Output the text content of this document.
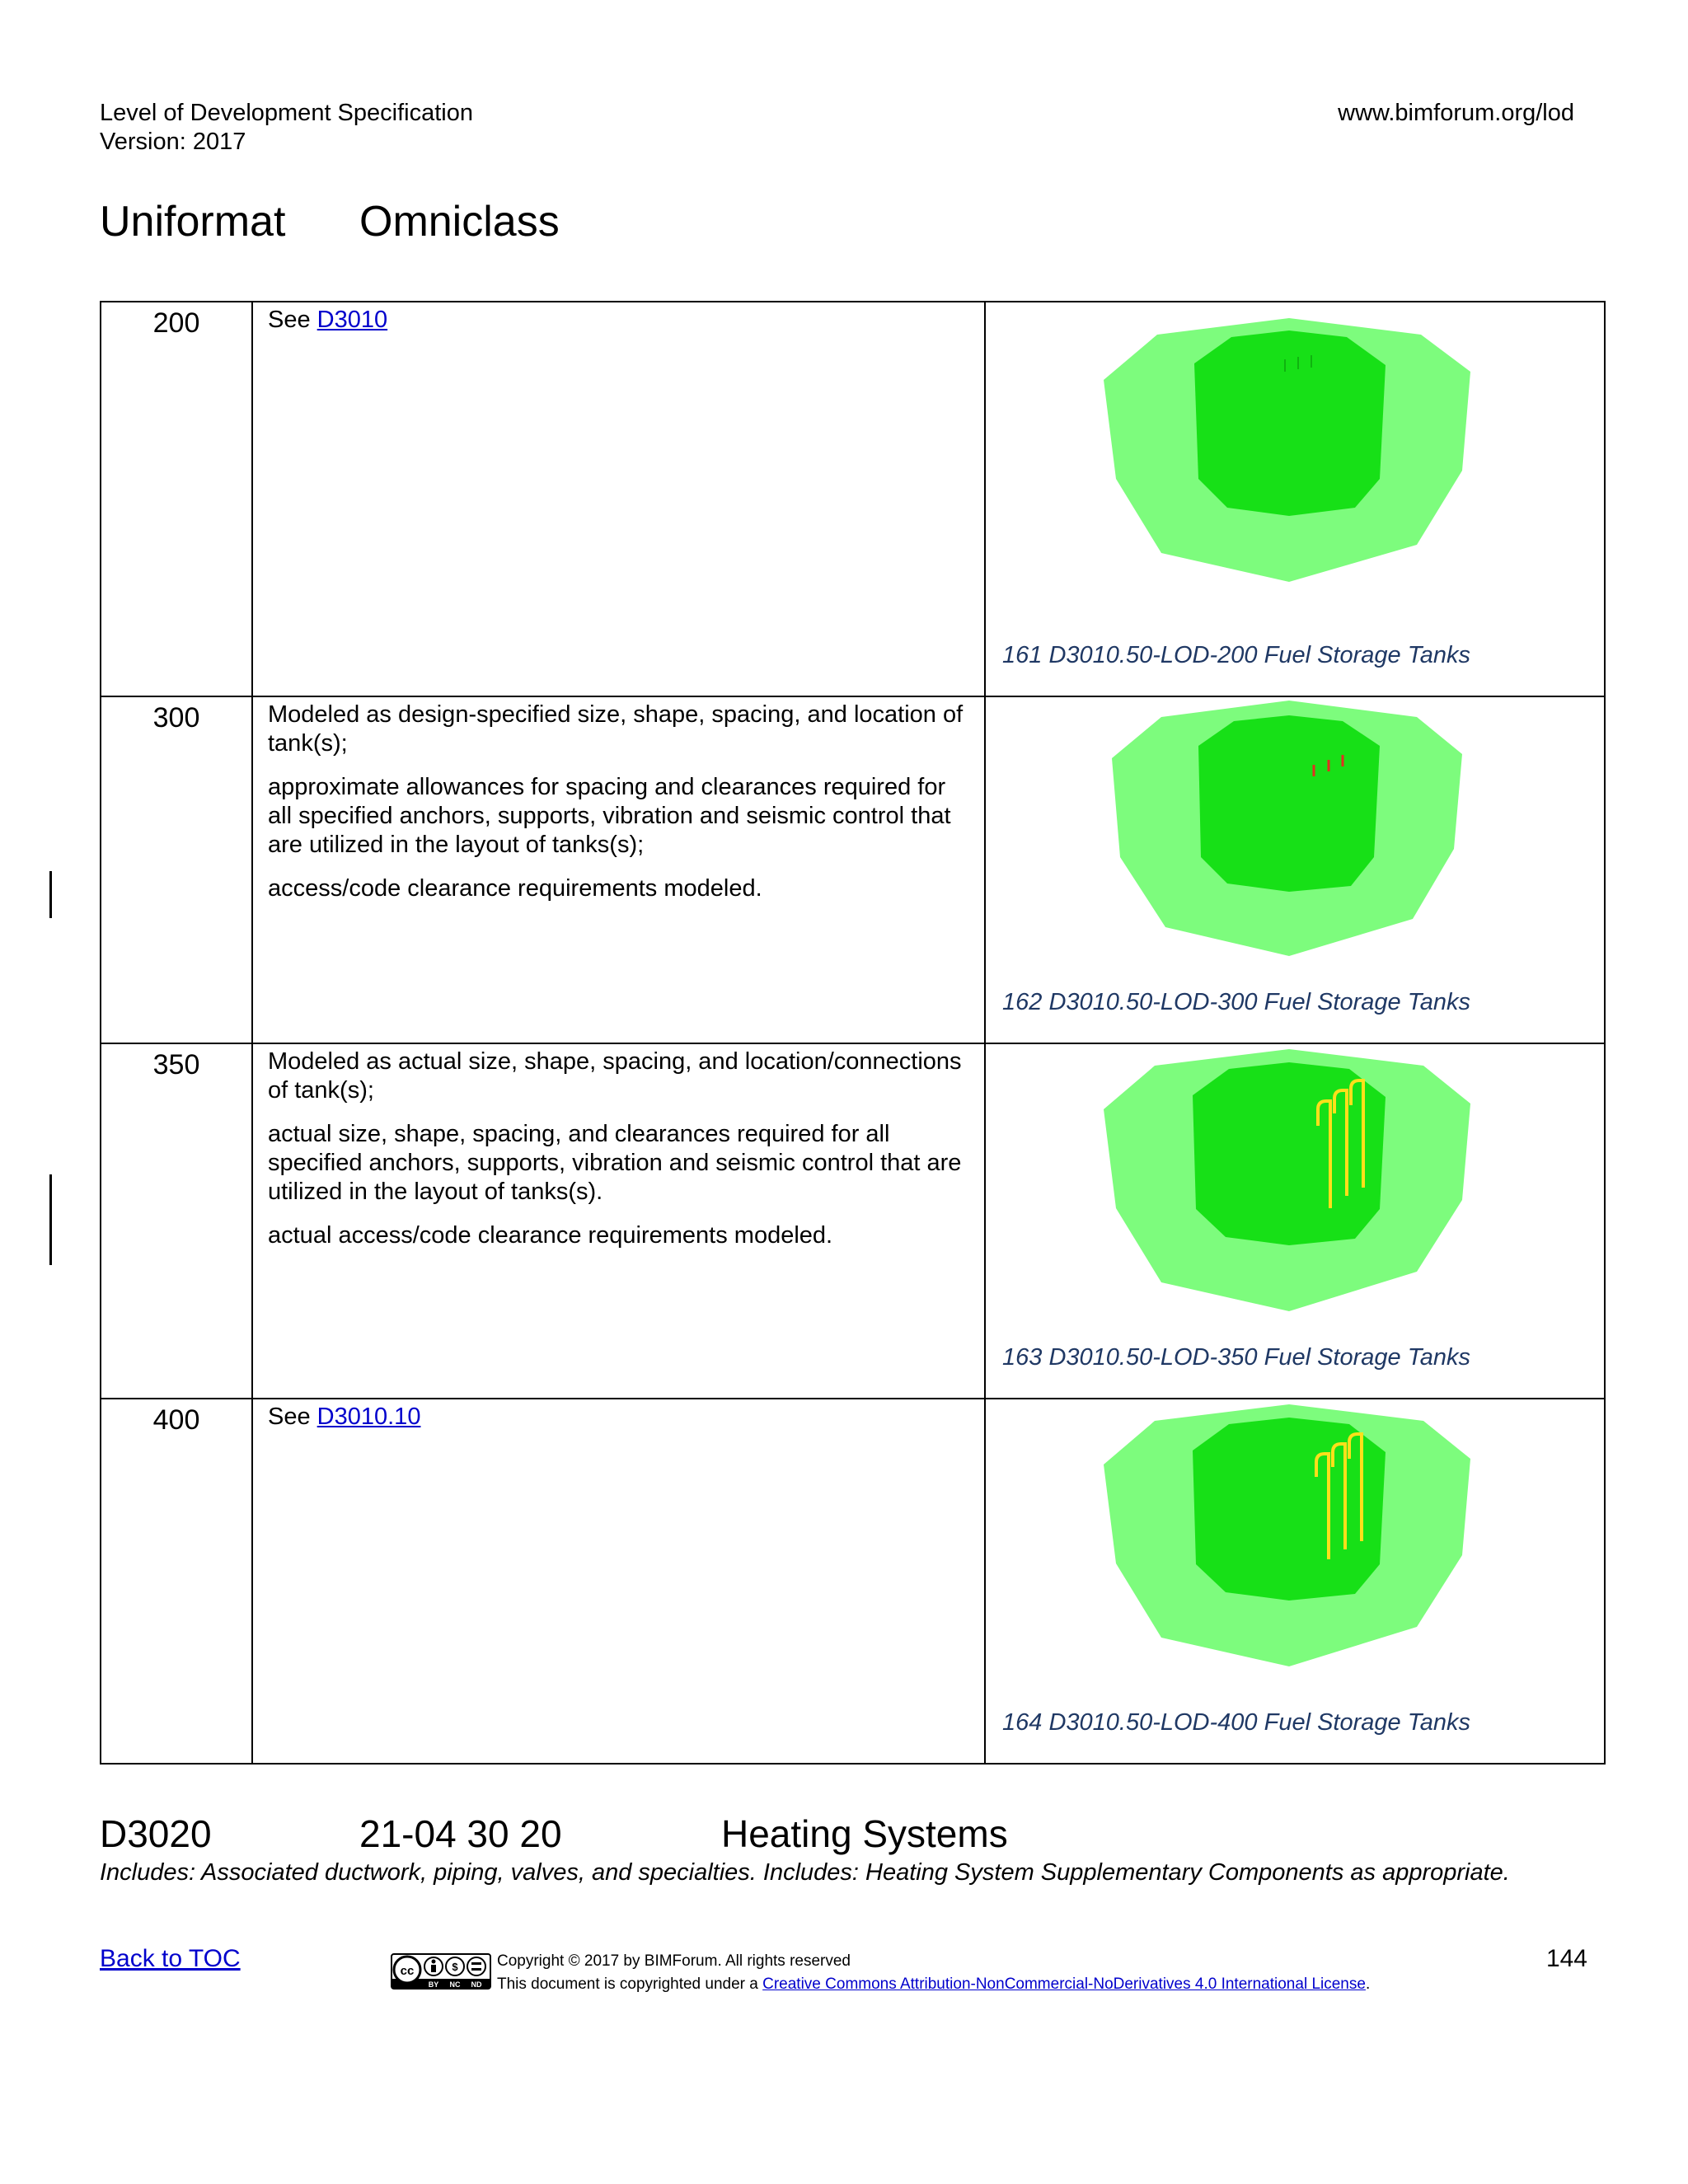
Level of Development Specification
Version: 2017
www.bimforum.org/lod
Uniformat Omniclass
200	See D3010	161 D3010.50-LOD-200 Fuel Storage Tanks

300	Modeled as design-specified size, shape, spacing, and location of tank(s);

approximate allowances for spacing and clearances required for all specified anchors, supports, vibration and seismic control that are utilized in the layout of tanks(s);

access/code clearance requirements modeled.	162 D3010.50-LOD-300 Fuel Storage Tanks

350	Modeled as actual size, shape, spacing, and location/connections of tank(s);

actual size, shape, spacing, and clearances required for all specified anchors, supports, vibration and seismic control that are utilized in the layout of tanks(s).

actual access/code clearance requirements modeled.	163 D3010.50-LOD-350 Fuel Storage Tanks

400	See D3010.10	164 D3010.50-LOD-400 Fuel Storage Tanks
D3020	21-04 30 20	Heating Systems
Includes: Associated ductwork, piping, valves, and specialties. Includes: Heating System Supplementary Components as appropriate.
Back to TOC	cc	$
BY NC ND
Copyright © 2017 by BIMForum. All rights reserved
This document is copyrighted under a Creative Commons Attribution-NonCommercial-NoDerivatives 4.0 International License.
144
